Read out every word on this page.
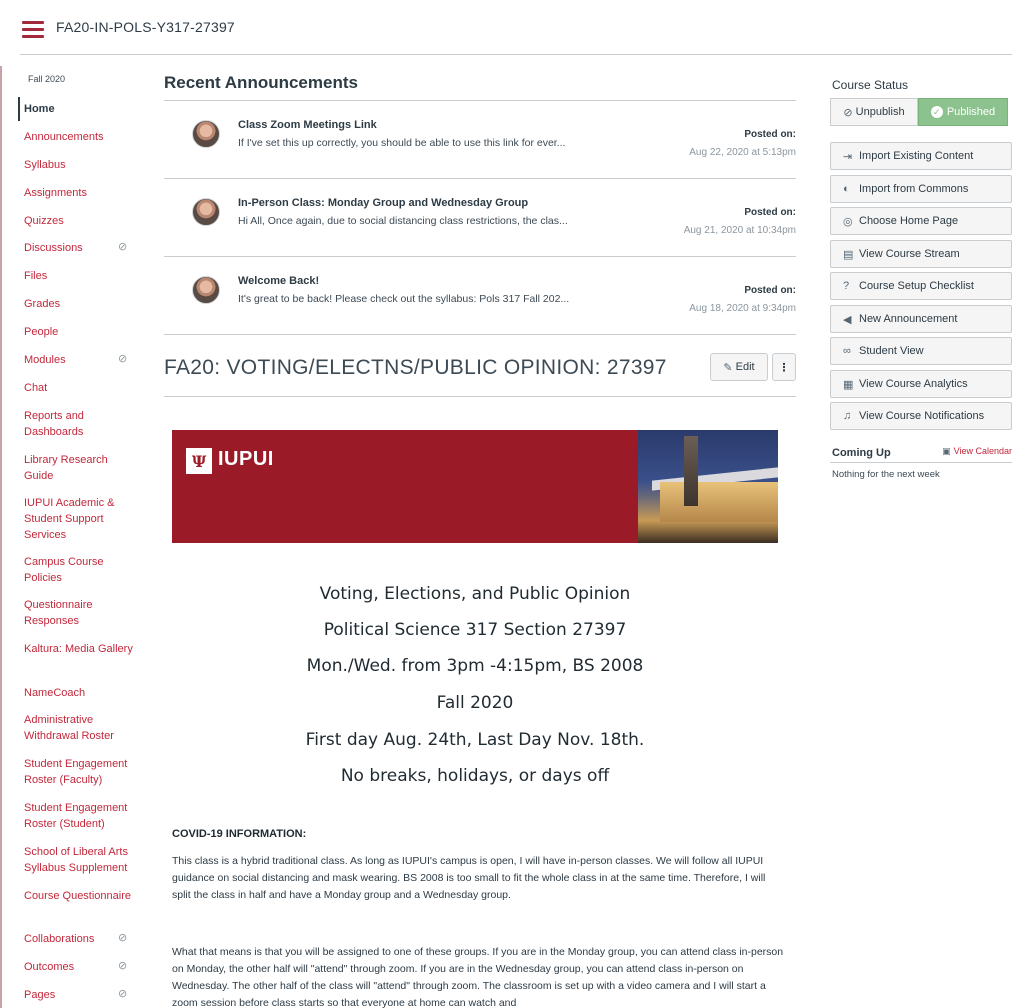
FA20-IN-POLS-Y317-27397
Fall 2020
Home
Announcements
Syllabus
Assignments
Quizzes
Discussions	⊘
Files
Grades
People
Modules	⊘
Chat
Reports and Dashboards
Library Research Guide
IUPUI Academic & Student Support Services
Campus Course Policies
Questionnaire Responses
Kaltura: Media Gallery
NameCoach
Administrative Withdrawal Roster
Student Engagement Roster (Faculty)
Student Engagement Roster (Student)
School of Liberal Arts Syllabus Supplement
Course Questionnaire
Collaborations	⊘
Outcomes	⊘
Pages	⊘
Recent Announcements
Class Zoom Meetings Link
If I've set this up correctly, you should be able to use this link for ever...
Posted on:
Aug 22, 2020 at 5:13pm
In-Person Class: Monday Group and Wednesday Group
Hi All, Once again, due to social distancing class restrictions, the clas...
Posted on:
Aug 21, 2020 at 10:34pm
Welcome Back!
It's great to be back! Please check out the syllabus: Pols 317 Fall 202...
Posted on:
Aug 18, 2020 at 9:34pm
FA20: VOTING/ELECTNS/PUBLIC OPINION: 27397	✎ Edit	⋮
Ψ IUPUI
Voting, Elections, and Public Opinion
Political Science 317 Section 27397
Mon./Wed. from 3pm -4:15pm, BS 2008
Fall 2020
First day Aug. 24th, Last Day Nov. 18th.
No breaks, holidays, or days off
COVID-19 INFORMATION:
This class is a hybrid traditional class. As long as IUPUI's campus is open, I will have in-person classes. We will follow all IUPUI guidance on social distancing and mask wearing. BS 2008 is too small to fit the whole class in at the same time. Therefore, I will split the class in half and have a Monday group and a Wednesday group.
What that means is that you will be assigned to one of these groups. If you are in the Monday group, you can attend class in-person on Monday, the other half will "attend" through zoom. If you are in the Wednesday group, you can attend class in-person on Wednesday. The other half of the class will "attend" through zoom. The classroom is set up with a video camera and I will start a zoom session before class starts so that everyone at home can watch and
Course Status
⊘ Unpublish	✓ Published
⇥ Import Existing Content
◐ Import from Commons
◎ Choose Home Page
▤ View Course Stream
? Course Setup Checklist
◀ New Announcement
∞ Student View
▦ View Course Analytics
♫ View Course Notifications
Coming Up	▣ View Calendar
Nothing for the next week
